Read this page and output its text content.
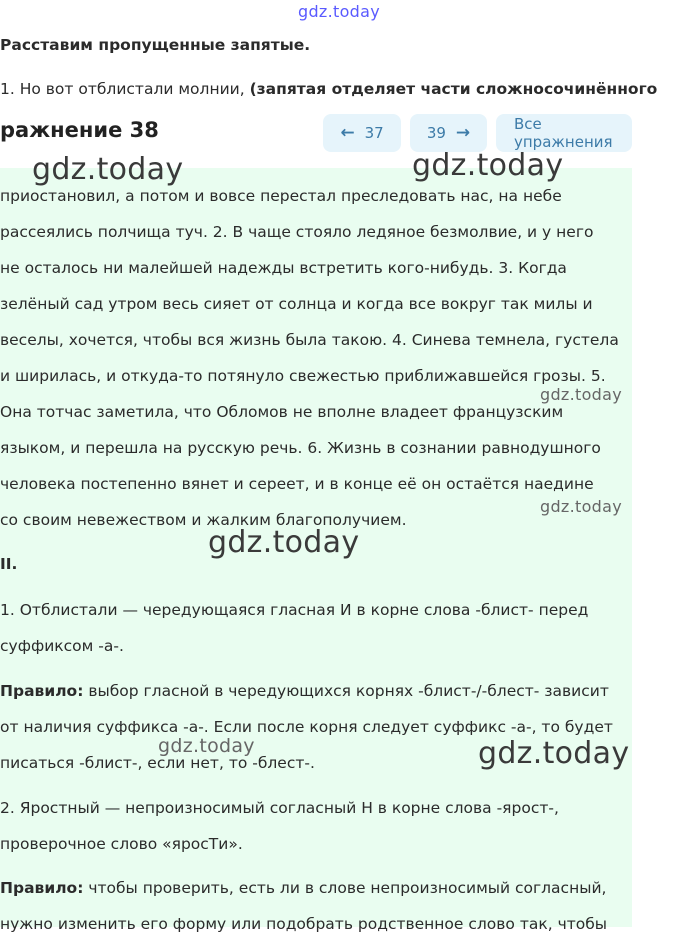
gdz.today
Расставим пропущенные запятые.
1. Но вот отблистали молнии, (запятая отделяет части сложносочинённого
ражнение 38	← 37	39 →	Все упражнения
приостановил, а потом и вовсе перестал преследовать нас, на небе
рассеялись полчища туч. 2. В чаще стояло ледяное безмолвие, и у него
не осталось ни малейшей надежды встретить кого-нибудь. 3. Когда
зелёный сад утром весь сияет от солнца и когда все вокруг так милы и
веселы, хочется, чтобы вся жизнь была такою. 4. Синева темнела, густела
и ширилась, и откуда-то потянуло свежестью приближавшейся грозы. 5.
Она тотчас заметила, что Обломов не вполне владеет французским
языком, и перешла на русскую речь. 6. Жизнь в сознании равнодушного
человека постепенно вянет и сереет, и в конце её он остаётся наедине
со своим невежеством и жалким благополучием.
II.
1. Отблистали — чередующаяся гласная И в корне слова -блист- перед
суффиксом -а-.
Правило: выбор гласной в чередующихся корнях -блист-/-блест- зависит
от наличия суффикса -а-. Если после корня следует суффикс -а-, то будет
писаться -блист-, если нет, то -блест-.
2. Яростный — непроизносимый согласный Н в корне слова -ярост-,
проверочное слово «яросТи».
Правило: чтобы проверить, есть ли в слове непроизносимый согласный,
нужно изменить его форму или подобрать родственное слово так, чтобы
gdz.today	gdz.today
gdz.today
gdz.today
gdz.today
gdz.today	gdz.today
